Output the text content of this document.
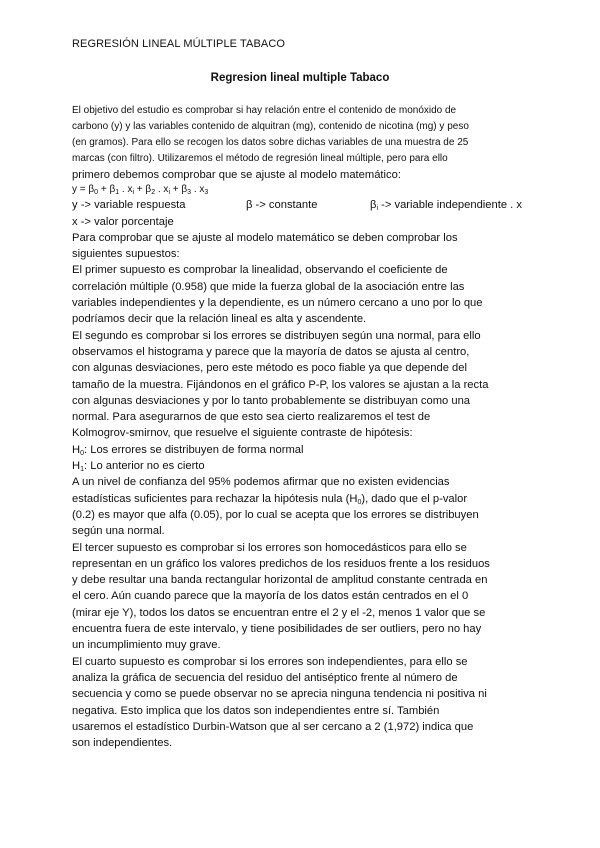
REGRESIÓN LINEAL MÚLTIPLE TABACO
Regresion lineal multiple Tabaco

El objetivo del estudio es comprobar si hay relación entre el contenido de monóxido de

carbono (y) y las variables contenido de alquitran (mg), contenido de nicotina (mg) y peso

(en gramos). Para ello se recogen los datos sobre dichas variables de una muestra de 25

marcas (con filtro). Utilizaremos el método de regresión lineal múltiple, pero para ello

primero debemos comprobar que se ajuste al modelo matemático:

$y = \beta_0 + \beta_1$ . $x_i + \beta_2$ . $x_i + \beta_3$ . $x_3$

y -> variable respuesta	β -> constante	$\beta_i$ -> variable independiente . x

x -> valor porcentaje

Para comprobar que se ajuste al modelo matemático se deben comprobar los

siguientes supuestos:

El primer supuesto es comprobar la linealidad, observando el coeficiente de

correlación múltiple (0.958) que mide la fuerza global de la asociación entre las

variables independientes y la dependiente, es un número cercano a uno por lo que

podríamos decir que la relación lineal es alta y ascendente.

El segundo es comprobar si los errores se distribuyen según una normal, para ello

observamos el histograma y parece que la mayoría de datos se ajusta al centro,

con algunas desviaciones, pero este método es poco fiable ya que depende del

tamaño de la muestra. Fijándonos en el gráfico P-P, los valores se ajustan a la recta

con algunas desviaciones y por lo tanto probablemente se distribuyan como una

normal. Para asegurarnos de que esto sea cierto realizaremos el test de

Kolmogrov-smirnov, que resuelve el siguiente contraste de hipótesis:

$H_0$: Los errores se distribuyen de forma normal

$H_1$: Lo anterior no es cierto

A un nivel de confianza del 95% podemos afirmar que no existen evidencias

estadísticas suficientes para rechazar la hipótesis nula $(H_0)$, dado que el p-valor

(0.2) es mayor que alfa (0.05), por lo cual se acepta que los errores se distribuyen

según una normal.

El tercer supuesto es comprobar si los errores son homocedásticos para ello se

representan en un gráfico los valores predichos de los residuos frente a los residuos

y debe resultar una banda rectangular horizontal de amplitud constante centrada en

el cero. Aún cuando parece que la mayoría de los datos están centrados en el 0

(mirar eje Y), todos los datos se encuentran entre el 2 y el -2, menos 1 valor que se

encuentra fuera de este intervalo, y tiene posibilidades de ser outliers, pero no hay

un incumplimiento muy grave.

El cuarto supuesto es comprobar si los errores son independientes, para ello se

analiza la gráfica de secuencia del residuo del antiséptico frente al número de

secuencia y como se puede observar no se aprecia ninguna tendencia ni positiva ni

negativa. Esto implica que los datos son independientes entre sí. También

usaremos el estadístico Durbin-Watson que al ser cercano a 2 (1,972) indica que

son independientes.
